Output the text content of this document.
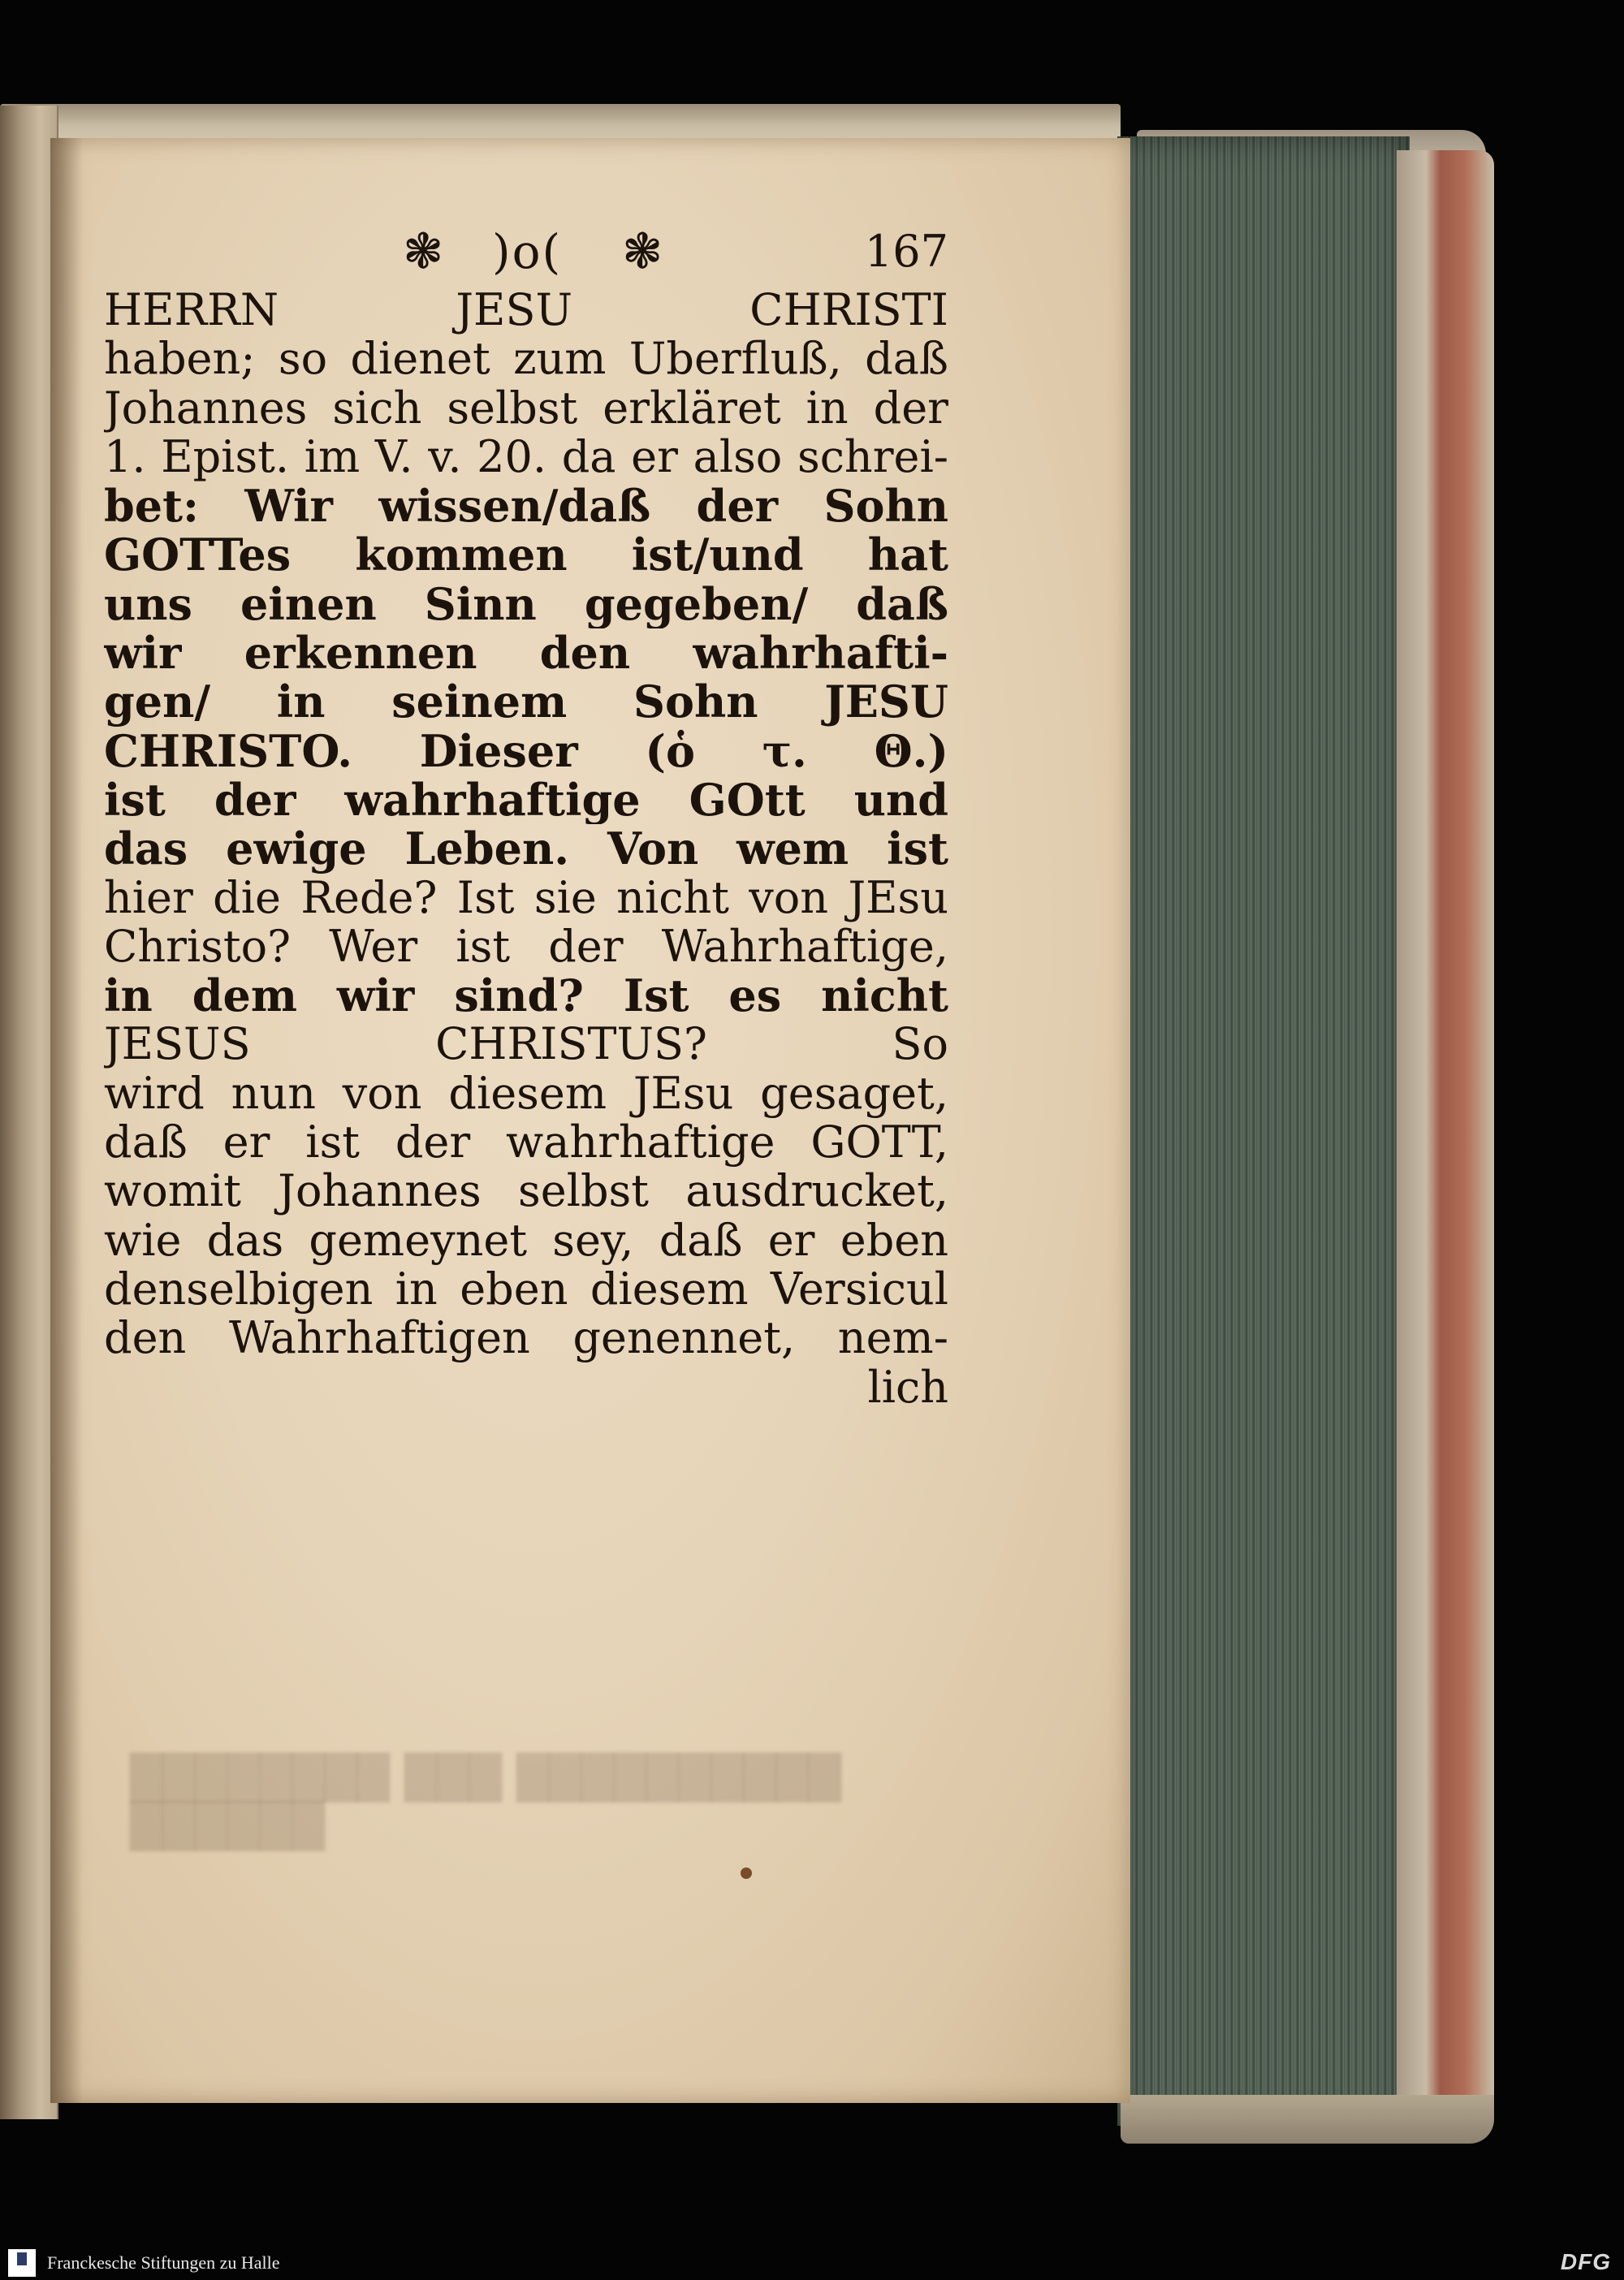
████████ ███ ██████████
██████
❃ )o( ❃	167
HERRN JESU CHRISTI
haben; so dienet zum Uberfluß, daß
Johannes sich selbst erkläret in der
1. Epist. im V. v. 20. da er also schrei-
bet: Wir wissen/daß der Sohn
GOTTes kommen ist/und hat
uns einen Sinn gegeben/ daß
wir erkennen den wahrhafti-
gen/ in seinem Sohn JESU
CHRISTO. Dieser (ὁ τ. Θ.)
ist der wahrhaftige GOtt und
das ewige Leben. Von wem ist
hier die Rede? Ist sie nicht von JEsu
Christo? Wer ist der Wahrhaftige,
in dem wir sind? Ist es nicht
JESUS CHRISTUS? So
wird nun von diesem JEsu gesaget,
daß er ist der wahrhaftige GOTT,
womit Johannes selbst ausdrucket,
wie das gemeynet sey, daß er eben
denselbigen in eben diesem Versicul
den Wahrhaftigen genennet, nem-
lich
Franckesche Stiftungen zu Halle	DFG
